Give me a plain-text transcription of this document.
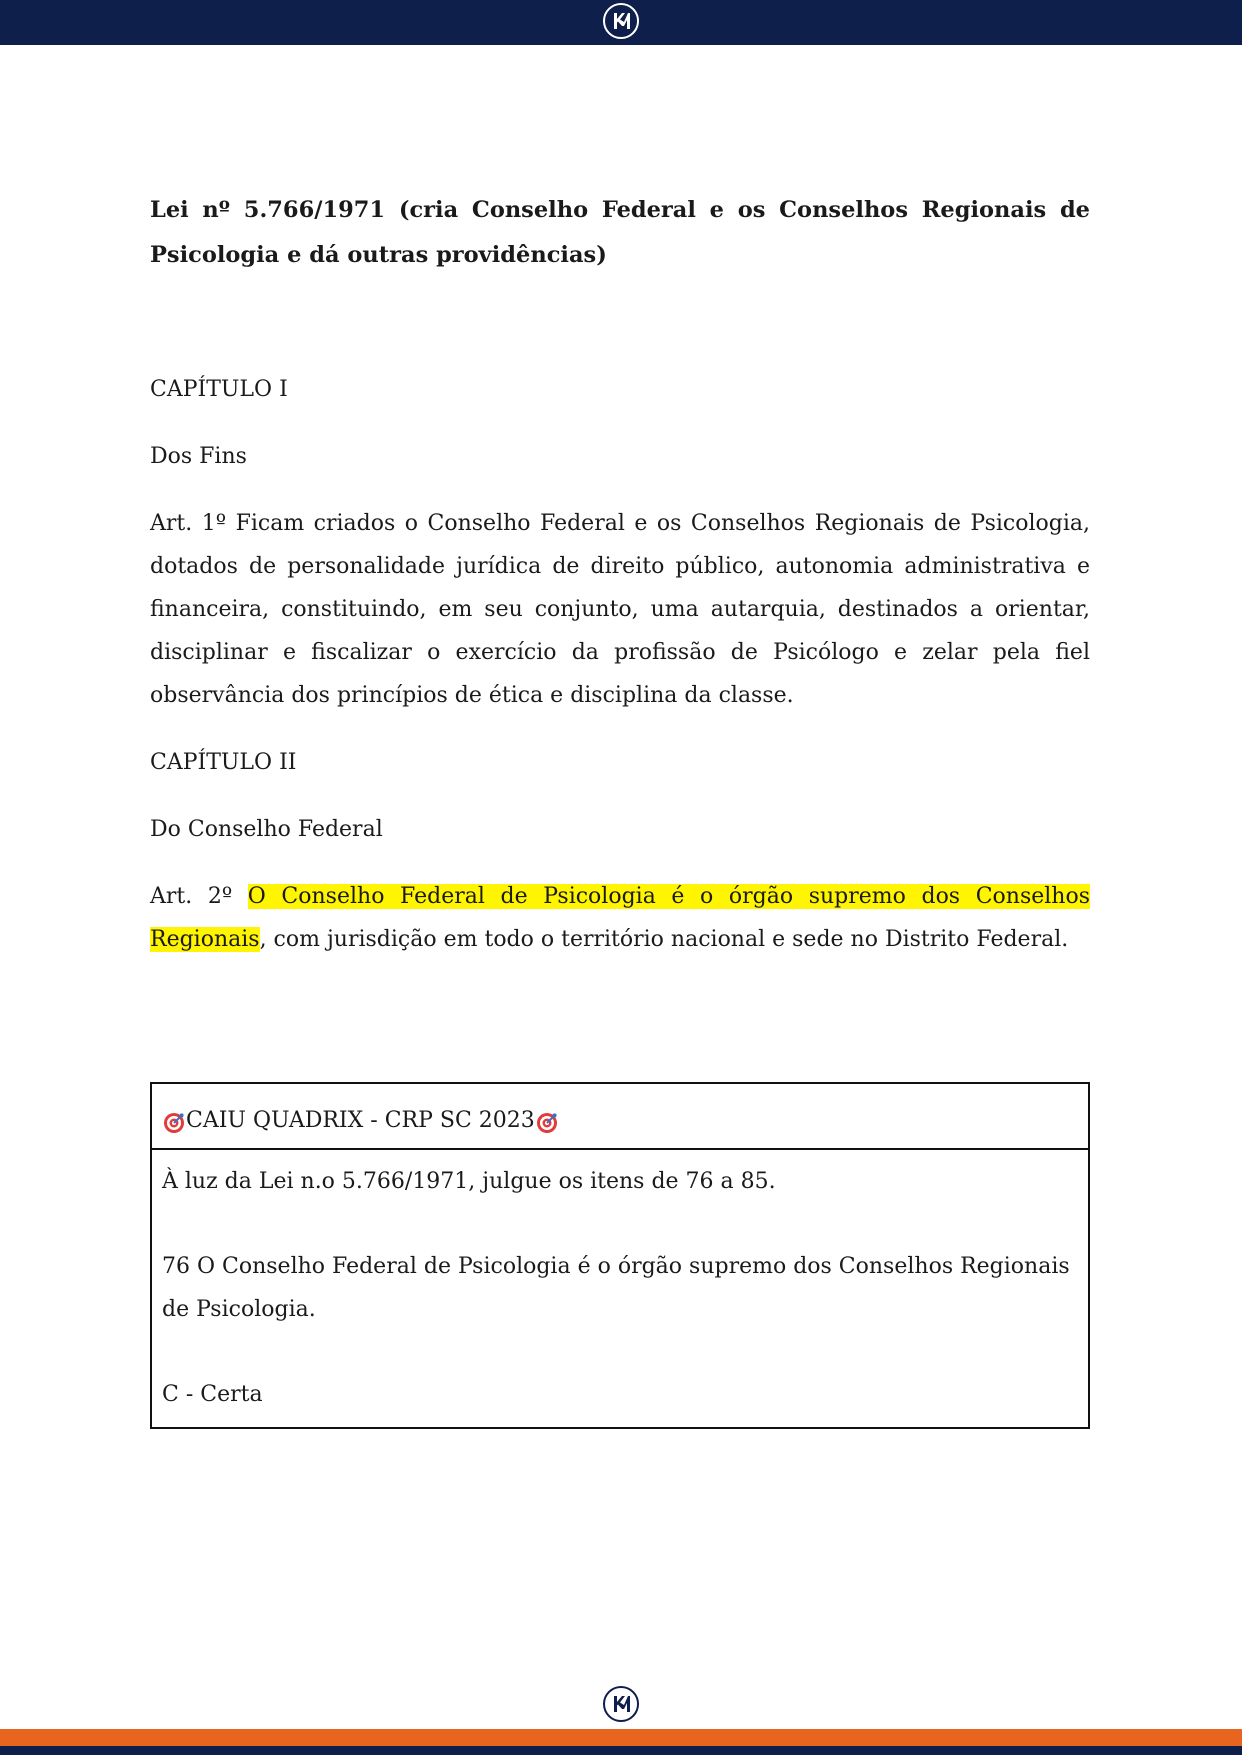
Lei nº 5.766/1971 (cria Conselho Federal e os Conselhos Regionais de Psicologia e dá outras providências)

CAPÍTULO I

Dos Fins

Art. 1º Ficam criados o Conselho Federal e os Conselhos Regionais de Psicologia, dotados de personalidade jurídica de direito público, autonomia administrativa e financeira, constituindo, em seu conjunto, uma autarquia, destinados a orientar, disciplinar e fiscalizar o exercício da profissão de Psicólogo e zelar pela fiel observância dos princípios de ética e disciplina da classe.

CAPÍTULO II

Do Conselho Federal

Art. 2º O Conselho Federal de Psicologia é o órgão supremo dos Conselhos Regionais, com jurisdição em todo o território nacional e sede no Distrito Federal.

CAIU QUADRIX - CRP SC 2023

À luz da Lei n.o 5.766/1971, julgue os itens de 76 a 85.

76 O Conselho Federal de Psicologia é o órgão supremo dos Conselhos Regionais de Psicologia.

C - Certa
